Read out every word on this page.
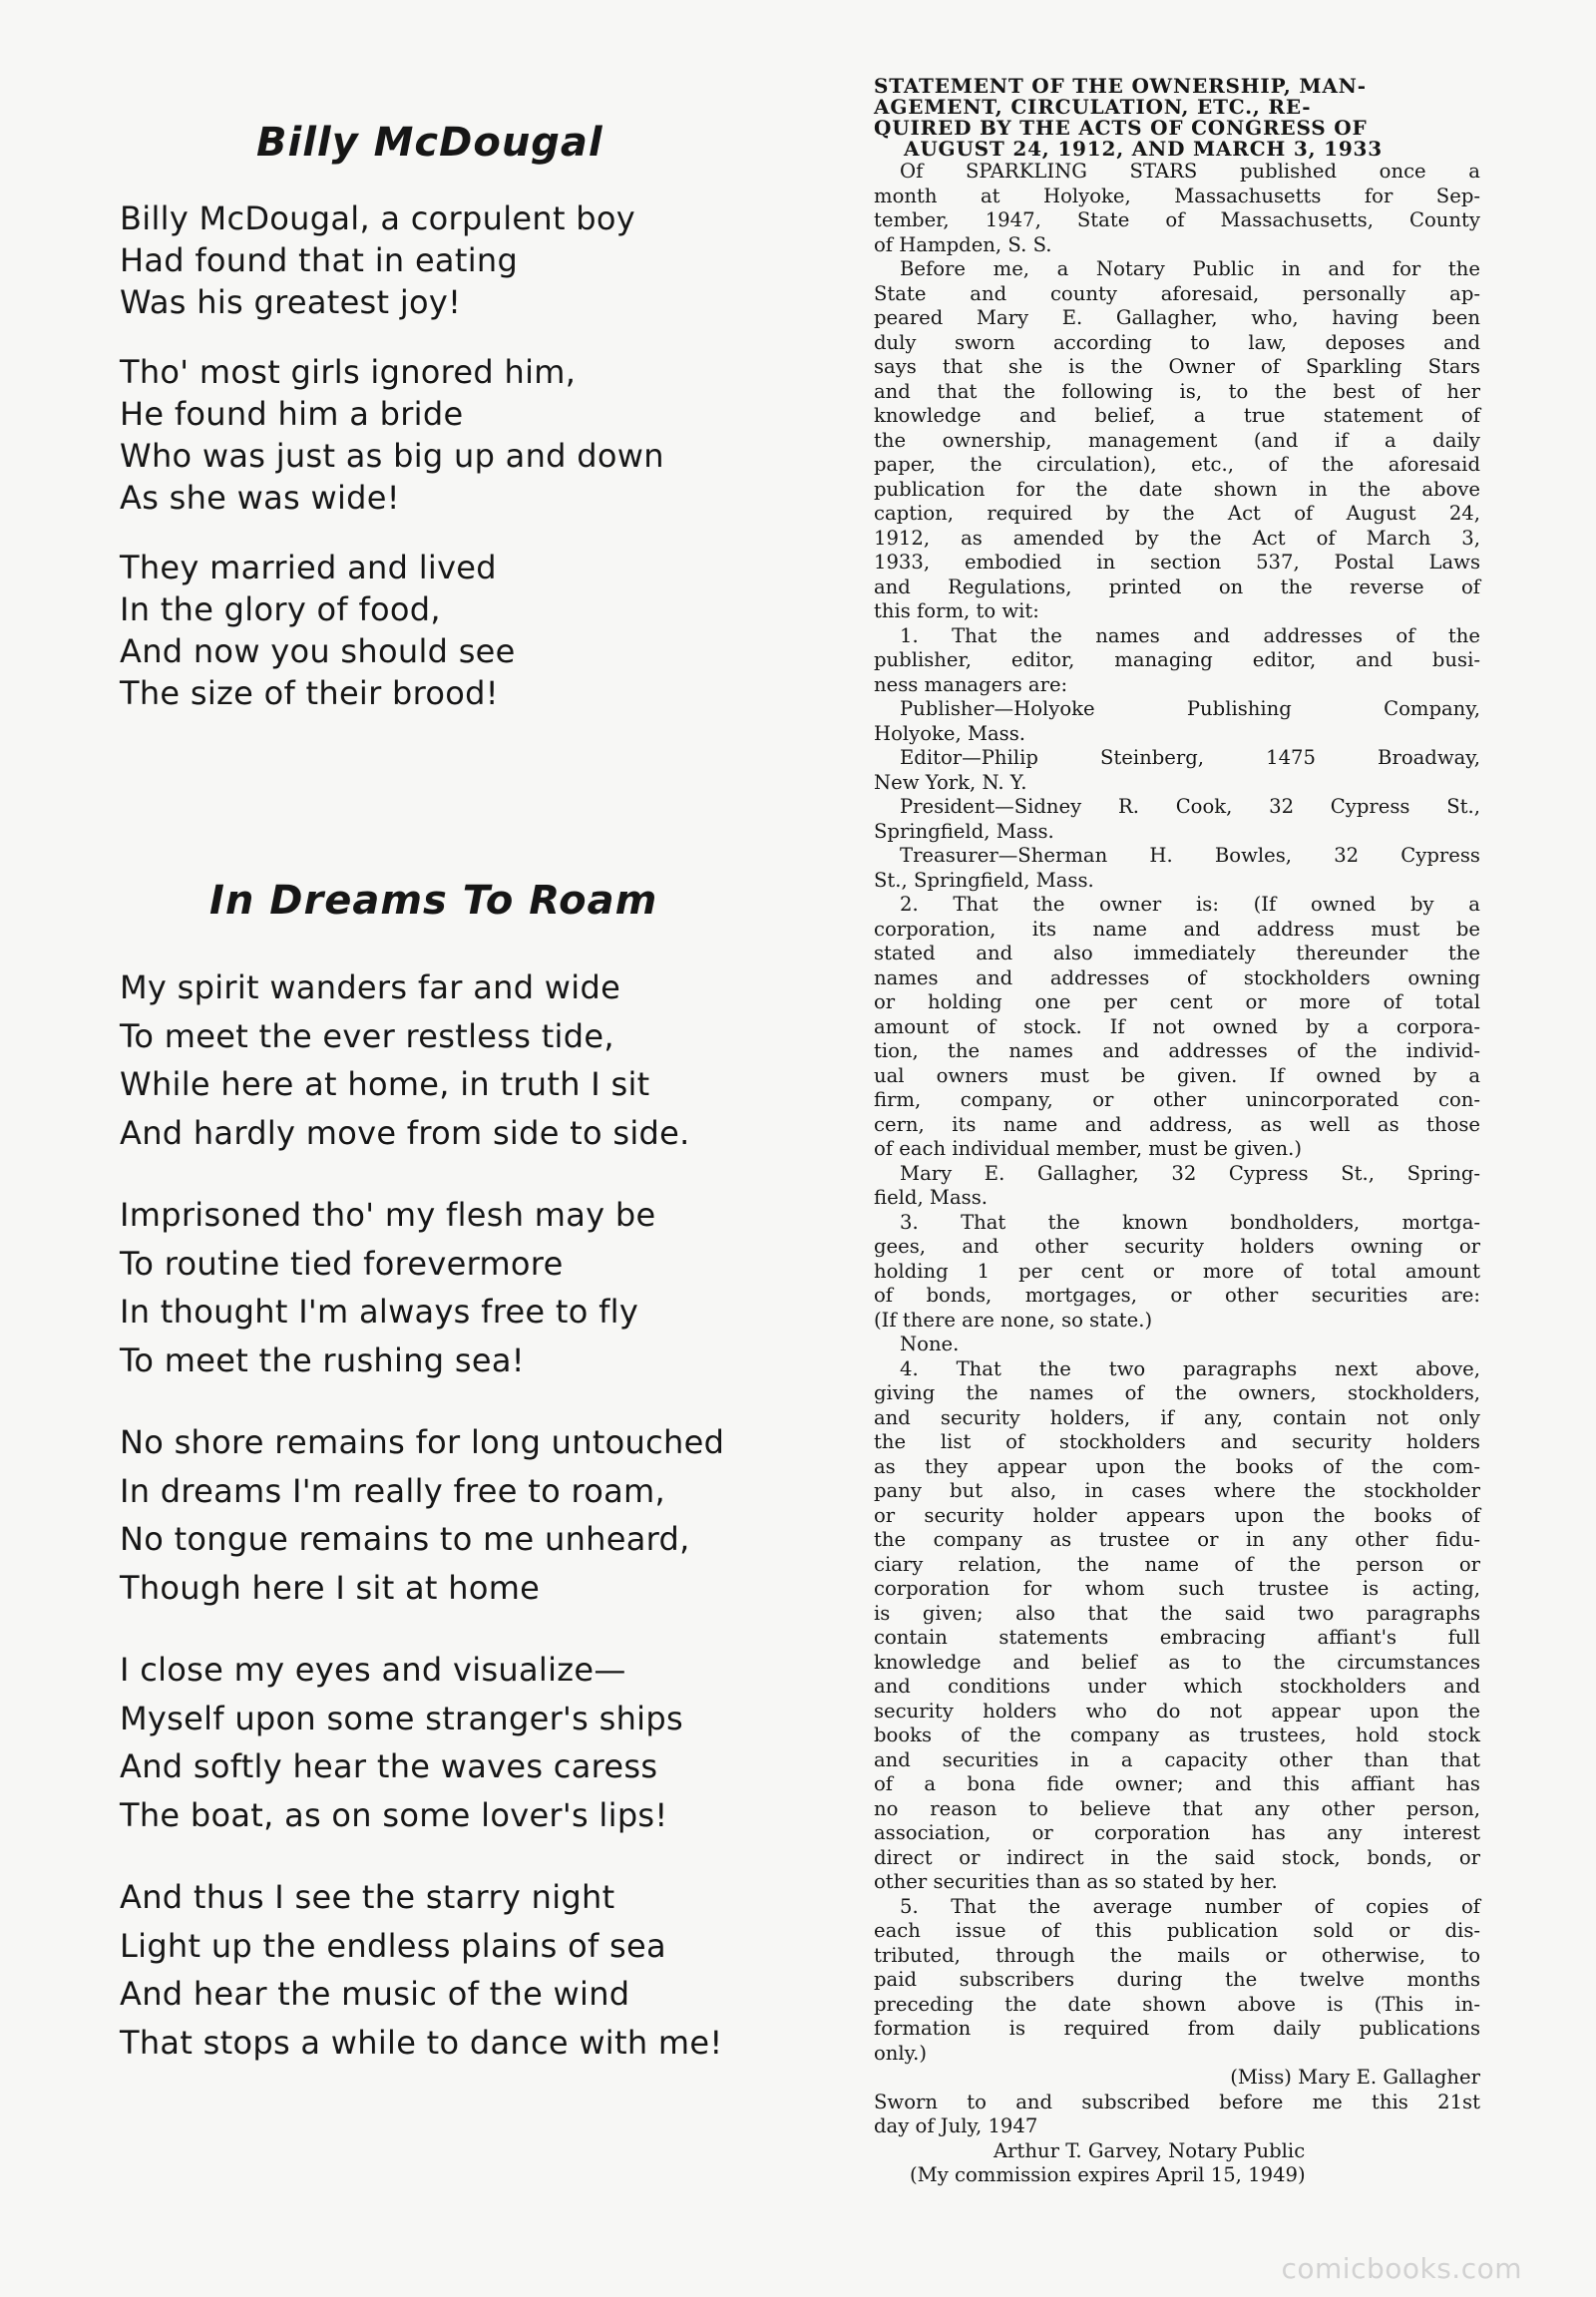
Billy McDougal
Billy McDougal, a corpulent boy
Had found that in eating
Was his greatest joy!
Tho' most girls ignored him,
He found him a bride
Who was just as big up and down
As she was wide!
They married and lived
In the glory of food,
And now you should see
The size of their brood!
In Dreams To Roam
My spirit wanders far and wide
To meet the ever restless tide,
While here at home, in truth I sit
And hardly move from side to side.
Imprisoned tho' my flesh may be
To routine tied forevermore
In thought I'm always free to fly
To meet the rushing sea!
No shore remains for long untouched
In dreams I'm really free to roam,
No tongue remains to me unheard,
Though here I sit at home
I close my eyes and visualize—
Myself upon some stranger's ships
And softly hear the waves caress
The boat, as on some lover's lips!
And thus I see the starry night
Light up the endless plains of sea
And hear the music of the wind
That stops a while to dance with me!
STATEMENT OF THE OWNERSHIP, MAN-
AGEMENT, CIRCULATION, ETC., RE-
QUIRED BY THE ACTS OF CONGRESS OF
AUGUST 24, 1912, AND MARCH 3, 1933
Of SPARKLING STARS published once a
month at Holyoke, Massachusetts for Sep-
tember, 1947, State of Massachusetts, County
of Hampden, S. S.
Before me, a Notary Public in and for the
State and county aforesaid, personally ap-
peared Mary E. Gallagher, who, having been
duly sworn according to law, deposes and
says that she is the Owner of Sparkling Stars
and that the following is, to the best of her
knowledge and belief, a true statement of
the ownership, management (and if a daily
paper, the circulation), etc., of the aforesaid
publication for the date shown in the above
caption, required by the Act of August 24,
1912, as amended by the Act of March 3,
1933, embodied in section 537, Postal Laws
and Regulations, printed on the reverse of
this form, to wit:
1. That the names and addresses of the
publisher, editor, managing editor, and busi-
ness managers are:
Publisher—Holyoke Publishing Company,
Holyoke, Mass.
Editor—Philip Steinberg, 1475 Broadway,
New York, N. Y.
President—Sidney R. Cook, 32 Cypress St.,
Springfield, Mass.
Treasurer—Sherman H. Bowles, 32 Cypress
St., Springfield, Mass.
2. That the owner is: (If owned by a
corporation, its name and address must be
stated and also immediately thereunder the
names and addresses of stockholders owning
or holding one per cent or more of total
amount of stock. If not owned by a corpora-
tion, the names and addresses of the individ-
ual owners must be given. If owned by a
firm, company, or other unincorporated con-
cern, its name and address, as well as those
of each individual member, must be given.)
Mary E. Gallagher, 32 Cypress St., Spring-
field, Mass.
3. That the known bondholders, mortga-
gees, and other security holders owning or
holding 1 per cent or more of total amount
of bonds, mortgages, or other securities are:
(If there are none, so state.)
None.
4. That the two paragraphs next above,
giving the names of the owners, stockholders,
and security holders, if any, contain not only
the list of stockholders and security holders
as they appear upon the books of the com-
pany but also, in cases where the stockholder
or security holder appears upon the books of
the company as trustee or in any other fidu-
ciary relation, the name of the person or
corporation for whom such trustee is acting,
is given; also that the said two paragraphs
contain statements embracing affiant's full
knowledge and belief as to the circumstances
and conditions under which stockholders and
security holders who do not appear upon the
books of the company as trustees, hold stock
and securities in a capacity other than that
of a bona fide owner; and this affiant has
no reason to believe that any other person,
association, or corporation has any interest
direct or indirect in the said stock, bonds, or
other securities than as so stated by her.
5. That the average number of copies of
each issue of this publication sold or dis-
tributed, through the mails or otherwise, to
paid subscribers during the twelve months
preceding the date shown above is (This in-
formation is required from daily publications
only.)
(Miss) Mary E. Gallagher
Sworn to and subscribed before me this 21st
day of July, 1947
Arthur T. Garvey, Notary Public
(My commission expires April 15, 1949)
comicbooks.com
